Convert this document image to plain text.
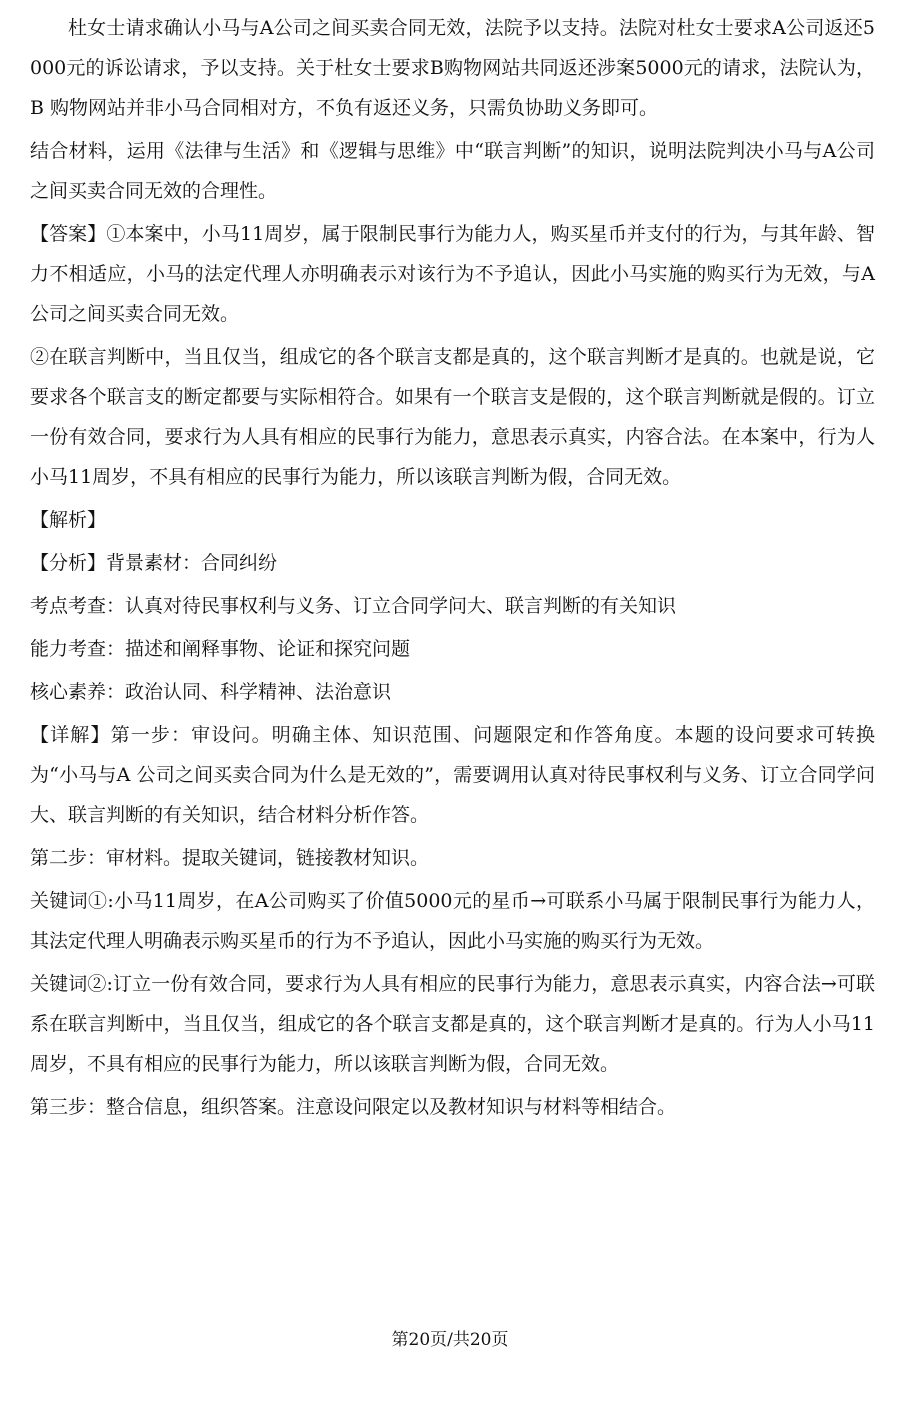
杜女士请求确认小马与A公司之间买卖合同无效，法院予以支持。法院对杜女士要求A公司返还5000元的诉讼请求，予以支持。关于杜女士要求B购物网站共同返还涉案5000元的请求，法院认为，B 购物网站并非小马合同相对方，不负有返还义务，只需负协助义务即可。

结合材料，运用《法律与生活》和《逻辑与思维》中“联言判断”的知识，说明法院判决小马与A公司之间买卖合同无效的合理性。

【答案】①本案中，小马11周岁，属于限制民事行为能力人，购买星币并支付的行为，与其年龄、智力不相适应，小马的法定代理人亦明确表示对该行为不予追认，因此小马实施的购买行为无效，与A公司之间买卖合同无效。

②在联言判断中，当且仅当，组成它的各个联言支都是真的，这个联言判断才是真的。也就是说，它要求各个联言支的断定都要与实际相符合。如果有一个联言支是假的，这个联言判断就是假的。订立一份有效合同，要求行为人具有相应的民事行为能力，意思表示真实，内容合法。在本案中，行为人小马11周岁，不具有相应的民事行为能力，所以该联言判断为假，合同无效。

【解析】

【分析】背景素材：合同纠纷

考点考查：认真对待民事权利与义务、订立合同学问大、联言判断的有关知识

能力考查：描述和阐释事物、论证和探究问题

核心素养：政治认同、科学精神、法治意识

【详解】第一步：审设问。明确主体、知识范围、问题限定和作答角度。本题的设问要求可转换为“小马与A 公司之间买卖合同为什么是无效的”，需要调用认真对待民事权利与义务、订立合同学问大、联言判断的有关知识，结合材料分析作答。

第二步：审材料。提取关键词，链接教材知识。

关键词①:小马11周岁，在A公司购买了价值5000元的星币→可联系小马属于限制民事行为能力人，其法定代理人明确表示购买星币的行为不予追认，因此小马实施的购买行为无效。

关键词②:订立一份有效合同，要求行为人具有相应的民事行为能力，意思表示真实，内容合法→可联系在联言判断中，当且仅当，组成它的各个联言支都是真的，这个联言判断才是真的。行为人小马11周岁，不具有相应的民事行为能力，所以该联言判断为假，合同无效。

第三步：整合信息，组织答案。注意设问限定以及教材知识与材料等相结合。

第20页/共20页
